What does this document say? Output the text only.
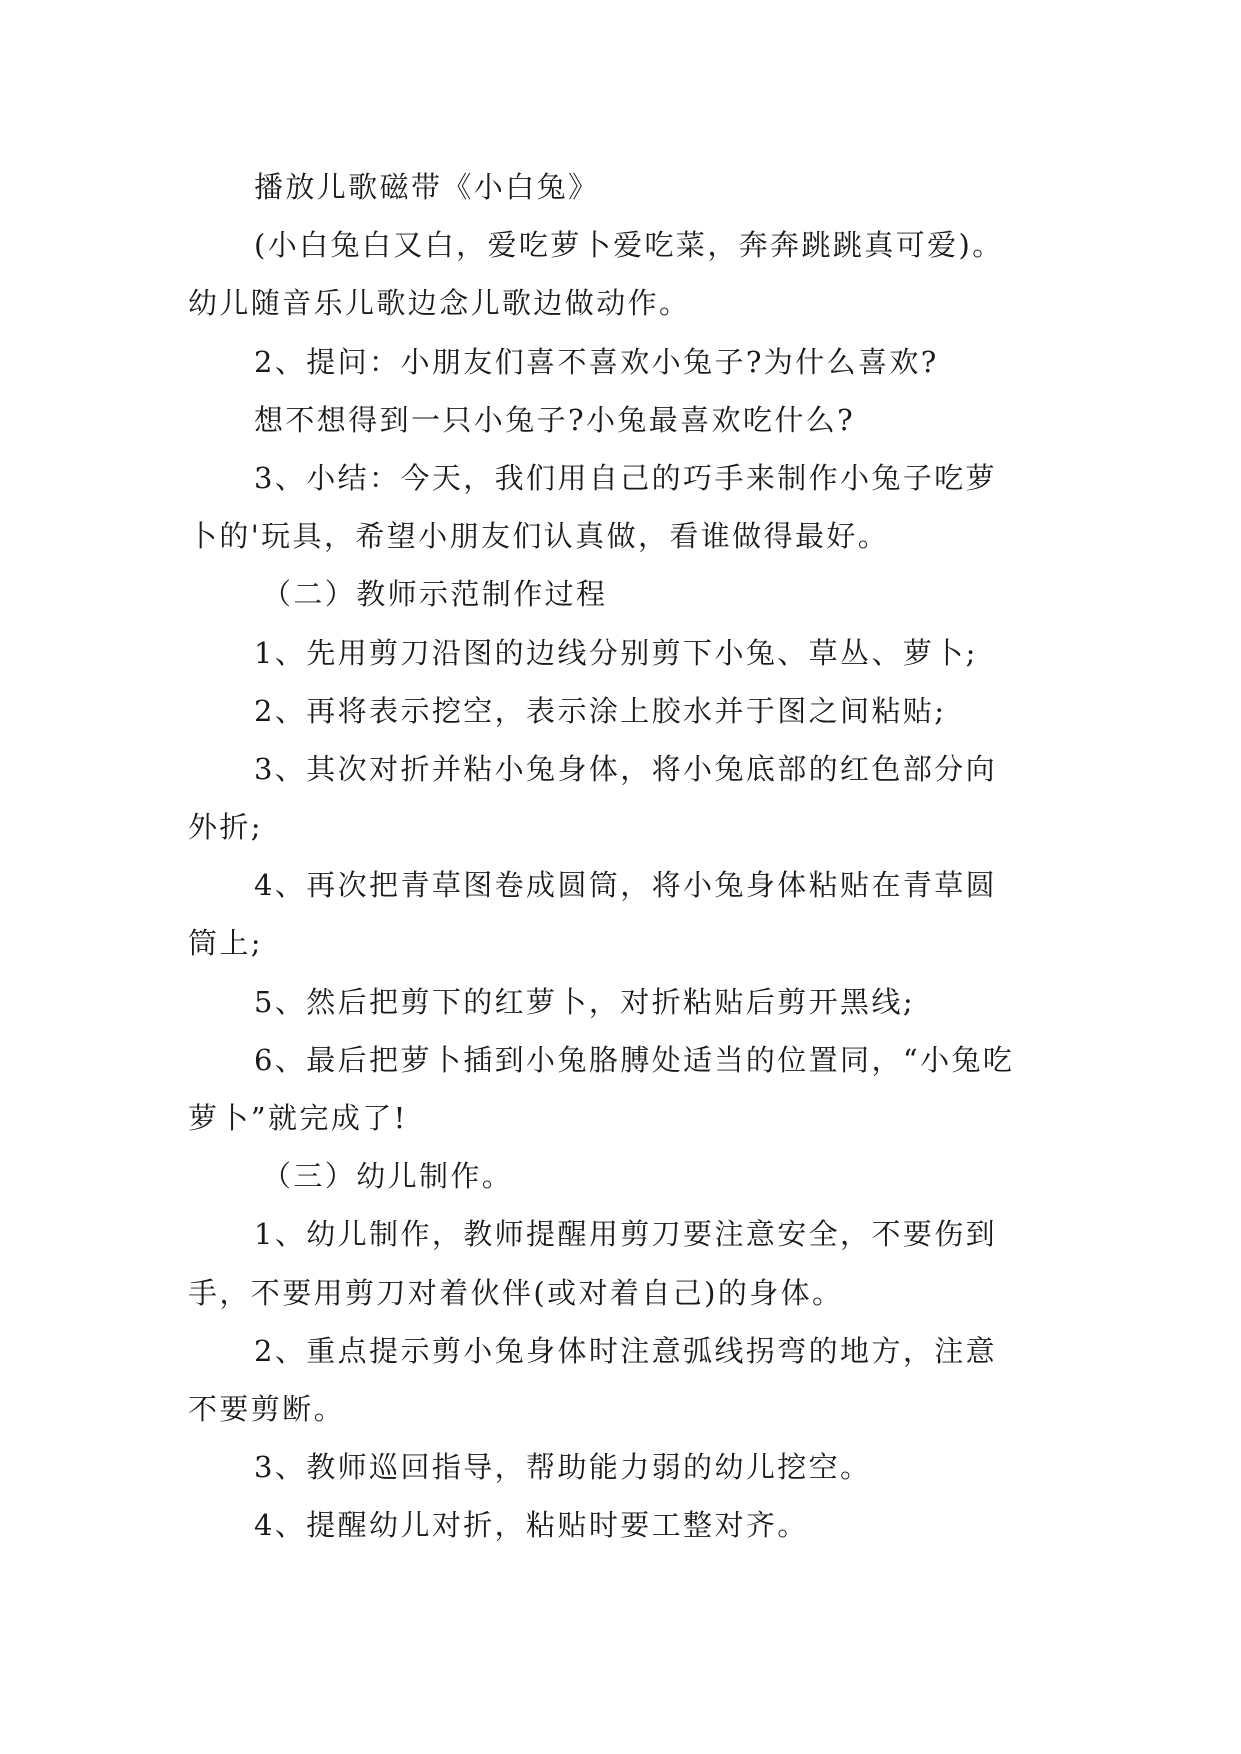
播放儿歌磁带《小白兔》

(小白兔白又白，爱吃萝卜爱吃菜，奔奔跳跳真可爱)。

幼儿随音乐儿歌边念儿歌边做动作。

2、提问：小朋友们喜不喜欢小兔子?为什么喜欢?

想不想得到一只小兔子?小兔最喜欢吃什么?

3、小结：今天，我们用自己的巧手来制作小兔子吃萝

卜的'玩具，希望小朋友们认真做，看谁做得最好。

（二）教师示范制作过程

1、先用剪刀沿图的边线分别剪下小兔、草丛、萝卜;

2、再将表示挖空，表示涂上胶水并于图之间粘贴;

3、其次对折并粘小兔身体，将小兔底部的红色部分向

外折;

4、再次把青草图卷成圆筒，将小兔身体粘贴在青草圆

筒上;

5、然后把剪下的红萝卜，对折粘贴后剪开黑线;

6、最后把萝卜插到小兔胳膊处适当的位置同，“小兔吃

萝卜”就完成了!

（三）幼儿制作。

1、幼儿制作，教师提醒用剪刀要注意安全，不要伤到

手，不要用剪刀对着伙伴(或对着自己)的身体。

2、重点提示剪小兔身体时注意弧线拐弯的地方，注意

不要剪断。

3、教师巡回指导，帮助能力弱的幼儿挖空。

4、提醒幼儿对折，粘贴时要工整对齐。
